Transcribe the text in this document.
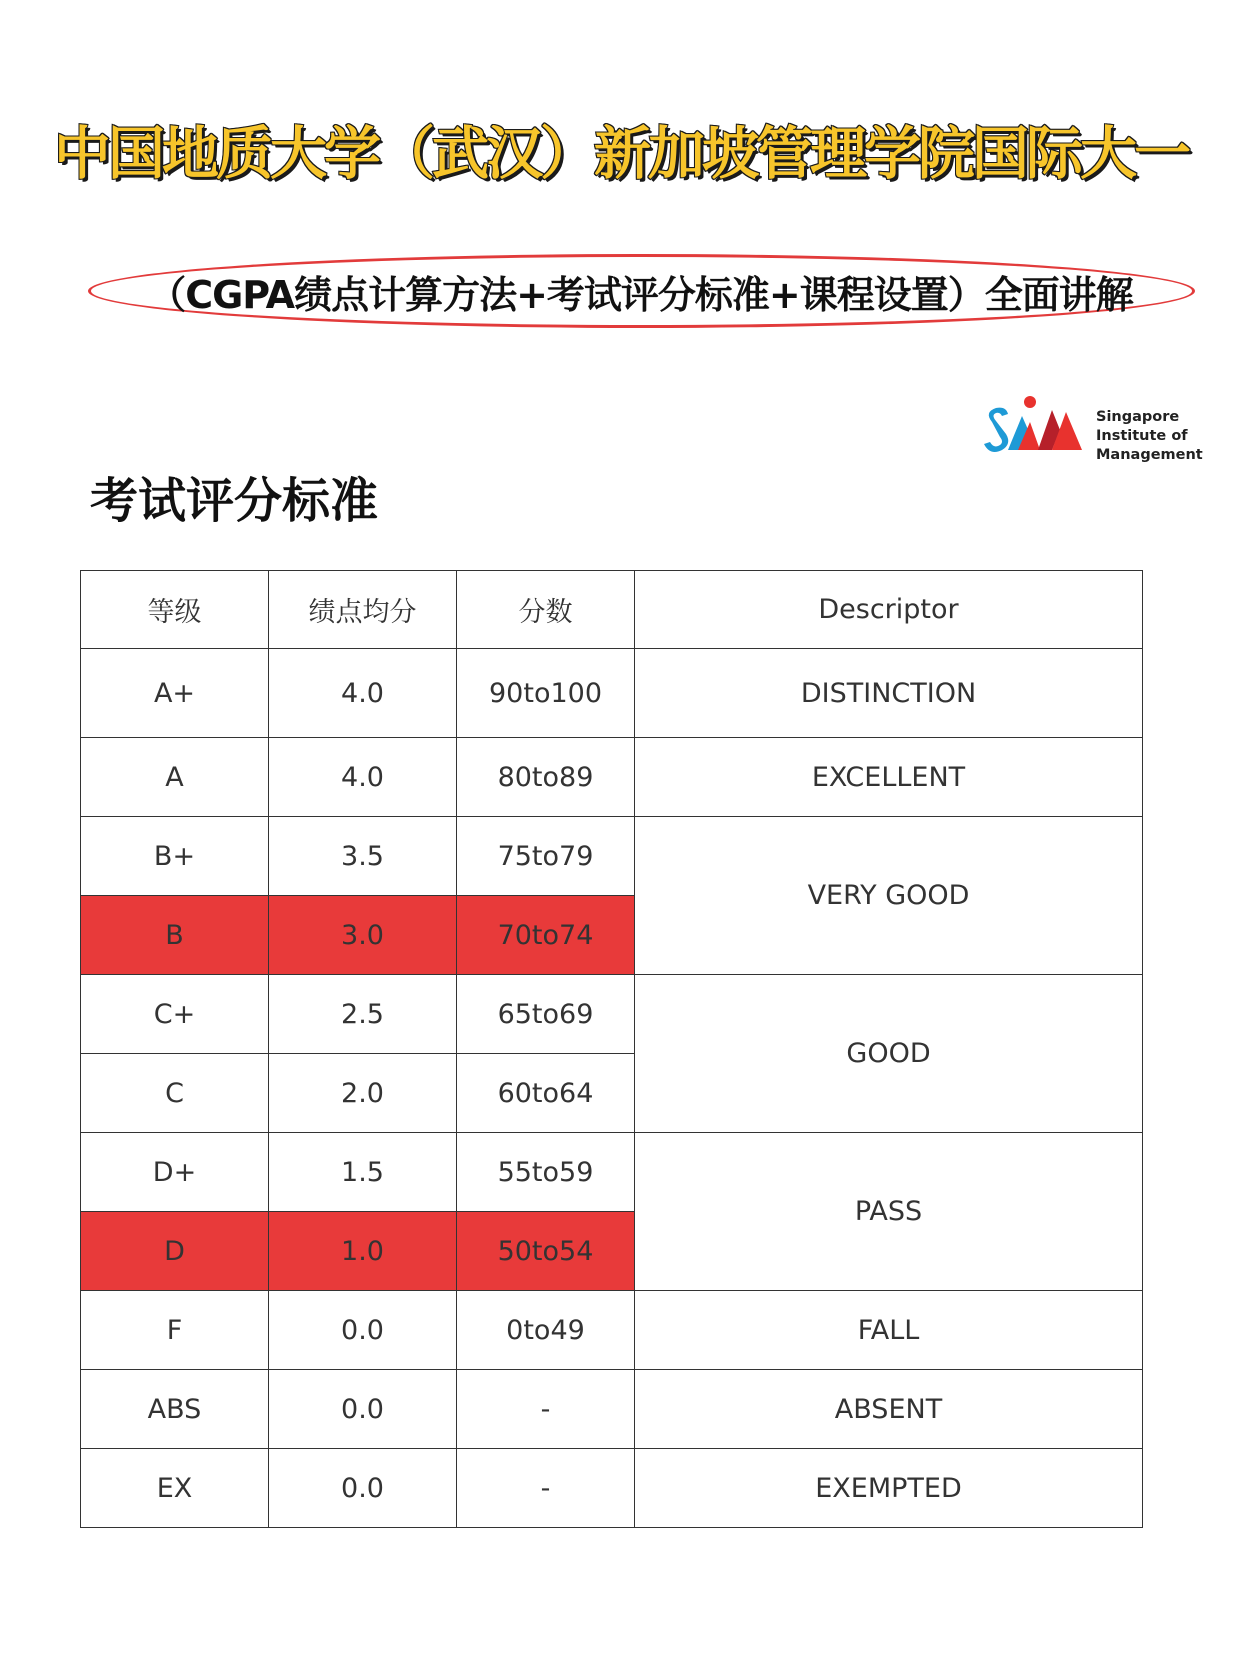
中国地质大学（武汉）新加坡管理学院国际大一
（CGPA绩点计算方法+考试评分标准+课程设置）全面讲解
Singapore
Institute of
Management
考试评分标准
等级	绩点均分	分数	Descriptor
A+	4.0	90to100	DISTINCTION
A	4.0	80to89	EXCELLENT
B+	3.5	75to79	VERY GOOD
B	3.0	70to74	
C+	2.5	65to69	GOOD
C	2.0	60to64	
D+	1.5	55to59	PASS
D	1.0	50to54	
F	0.0	0to49	FALL
ABS	0.0	-	ABSENT
EX	0.0	-	EXEMPTED
